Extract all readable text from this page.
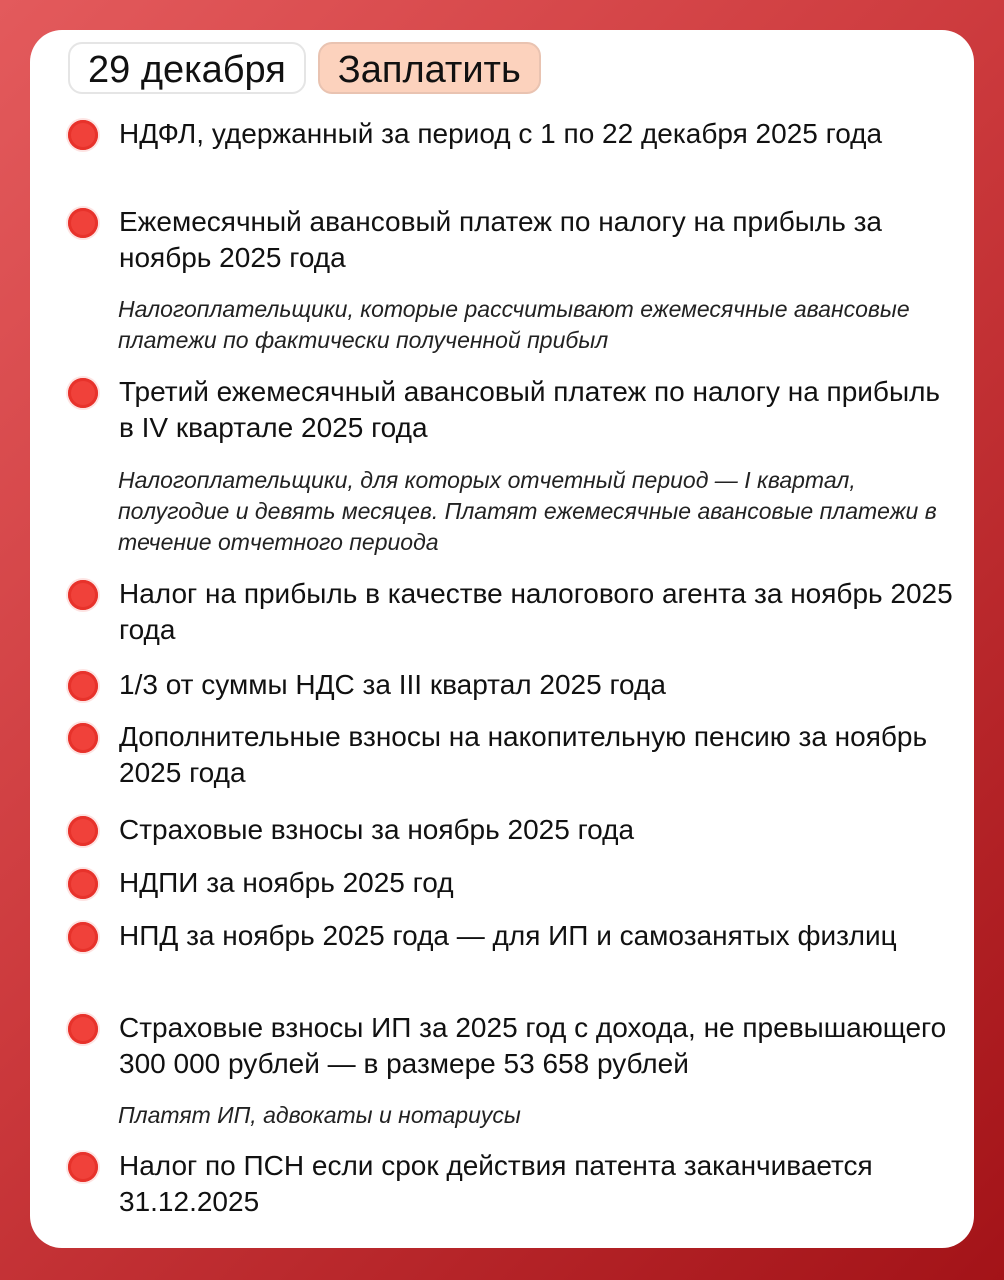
29 декабря	Заплатить
НДФЛ, удержанный за период с 1 по 22 декабря 2025 года
Ежемесячный авансовый платеж по налогу на прибыль за ноябрь 2025 года
Налогоплательщики, которые рассчитывают ежемесячные авансовые платежи по фактически полученной прибыл
Третий ежемесячный авансовый платеж по налогу на прибыль в IV квартале 2025 года
Налогоплательщики, для которых отчетный период — I квартал, полугодие и девять месяцев. Платят ежемесячные авансовые платежи в течение отчетного периода
Налог на прибыль в качестве налогового агента за ноябрь 2025 года
1/3 от суммы НДС за III квартал 2025 года
Дополнительные взносы на накопительную пенсию за ноябрь 2025 года
Страховые взносы за ноябрь 2025 года
НДПИ за ноябрь 2025 год
НПД за ноябрь 2025 года — для ИП и самозанятых физлиц
Страховые взносы ИП за 2025 год с дохода, не превышающего 300 000 рублей — в размере 53 658 рублей
Платят ИП, адвокаты и нотариусы
Налог по ПСН если срок действия патента заканчивается 31.12.2025
